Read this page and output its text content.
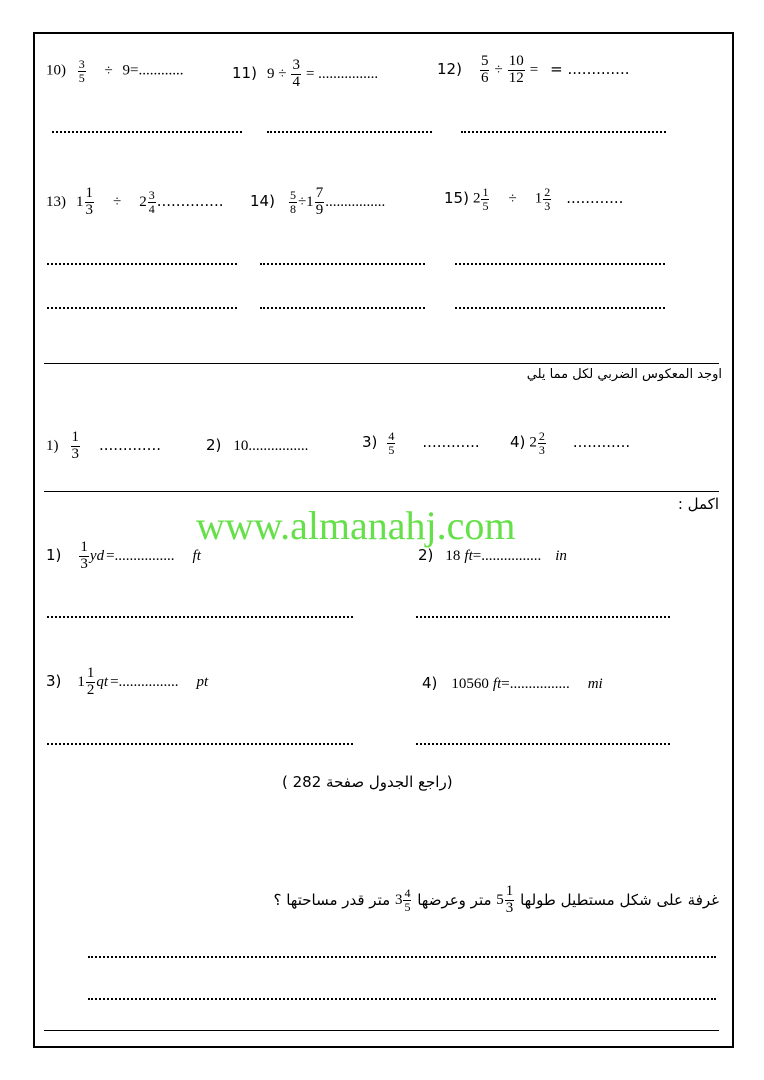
$10) \frac{3}{5} \div 9=$............	11) $9 \div \frac{3}{4}$ = ................	$12) \frac{5}{6} \div \frac{10}{12}$ = = .............
13) $1 \frac{1}{3} \div 2 \frac{3}{4}$ .............. $14) \frac{5}{8} \div 1 \frac{7}{9}$ ................	15) $2 \frac{1}{5} \div 1 \frac{2}{3}$ ............
اوجد المعكوس الضربي لكل مما يلي
$1) \frac{1}{3}$ .............	2) 10................	$3) \frac{4}{5}$ ............ 4) $2 \frac{2}{3}$ ............
اكمل :
www.almanahj.com
$1) \frac{1}{3}$ yd =................ ft	2) 18 ft=................ in
3) $1 \frac{1}{2}$ qt =................ pt	4) 10560 ft=................ mi
(راجع الجدول صفحة 282 )
غرفة على شكل مستطيل طولها
$\frac{1}{3}$
5 متر وعرضها
$\frac{4}{5}$
3 متر قدر مساحتها ؟
